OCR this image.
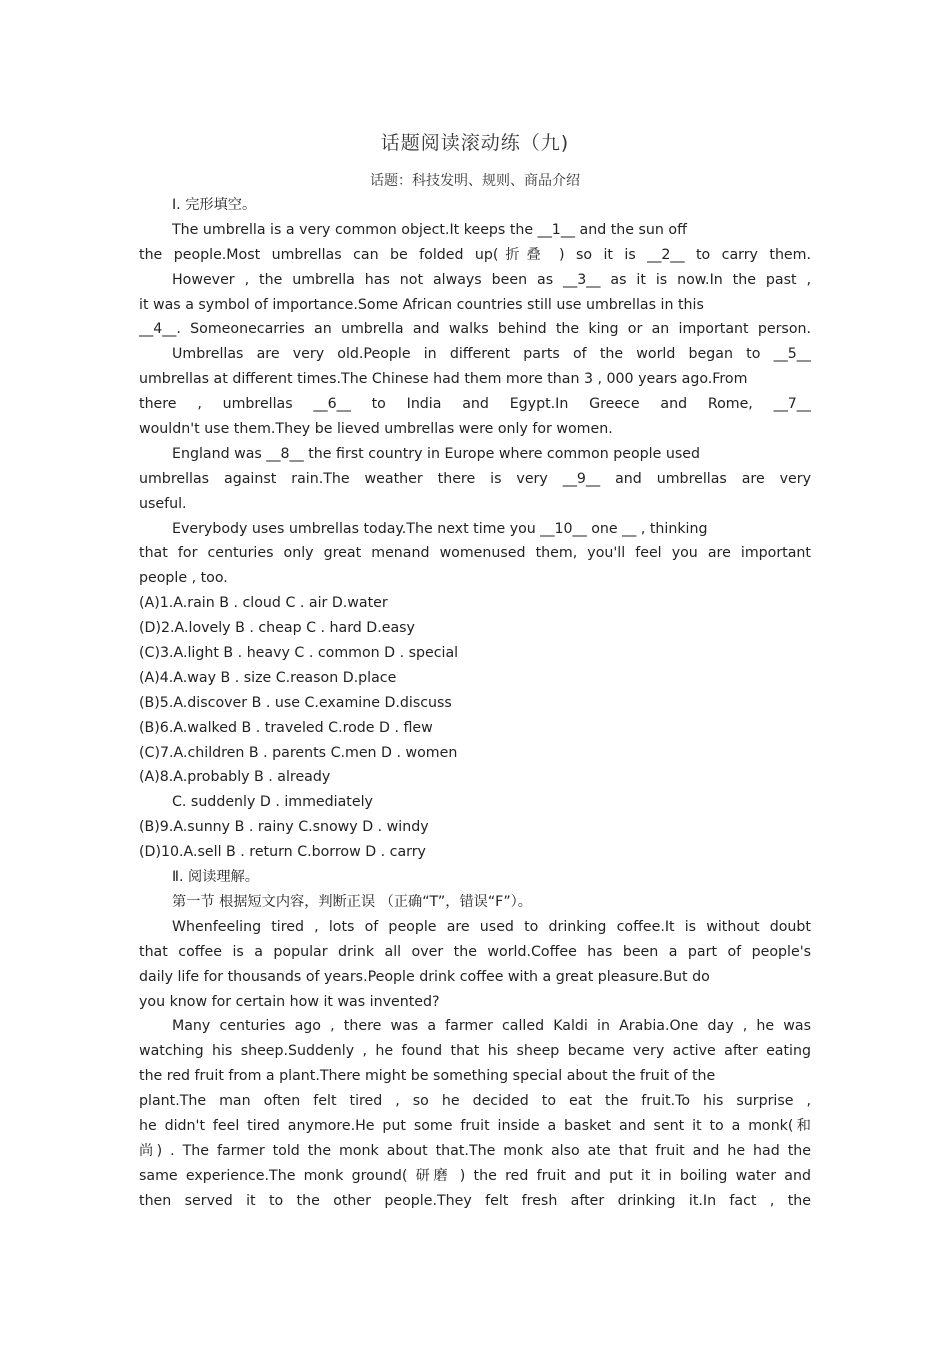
话题阅读滚动练（九)
话题：科技发明、规则、商品介绍
Ⅰ. 完形填空。
The umbrella is a very common object.It keeps the __1__ and the sun off
the people.Most umbrellas can be folded up(折叠 ) so it is __2__ to carry them.
However , the umbrella has not always been as __3__ as it is now.In the past ,
it was a symbol of importance.Some African countries still use umbrellas in this
__4__. Someonecarries an umbrella and walks behind the king or an important person.
Umbrellas are very old.People in different parts of the world began to __5__
umbrellas at different times.The Chinese had them more than 3 , 000 years ago.From
there , umbrellas __6__ to India and Egypt.In Greece and Rome, __7__
wouldn't use them.They be lieved umbrellas were only for women.
England was __8__ the first country in Europe where common people used
umbrellas against rain.The weather there is very __9__ and umbrellas are very
useful.
Everybody uses umbrellas today.The next time you __10__ one __ , thinking
that for centuries only great menand womenused them, you'll feel you are important
people , too.
(A)1.A.rain B . cloud C . air D.water
(D)2.A.lovely B . cheap C . hard D.easy
(C)3.A.light B . heavy C . common D . special
(A)4.A.way B . size C.reason D.place
(B)5.A.discover B . use C.examine D.discuss
(B)6.A.walked B . traveled C.rode D . flew
(C)7.A.children B . parents C.men D . women
(A)8.A.probably B . already
C. suddenly D . immediately
(B)9.A.sunny B . rainy C.snowy D . windy
(D)10.A.sell B . return C.borrow D . carry
Ⅱ. 阅读理解。
第一节 根据短文内容，判断正误 （正确“T”，错误“F”）。
Whenfeeling tired , lots of people are used to drinking coffee.It is without doubt
that coffee is a popular drink all over the world.Coffee has been a part of people's
daily life for thousands of years.People drink coffee with a great pleasure.But do
you know for certain how it was invented?
Many centuries ago , there was a farmer called Kaldi in Arabia.One day , he was
watching his sheep.Suddenly , he found that his sheep became very active after eating
the red fruit from a plant.There might be something special about the fruit of the
plant.The man often felt tired , so he decided to eat the fruit.To his surprise ,
he didn't feel tired anymore.He put some fruit inside a basket and sent it to a monk(和
尚) . The farmer told the monk about that.The monk also ate that fruit and he had the
same experience.The monk ground( 研磨 ) the red fruit and put it in boiling water and
then served it to the other people.They felt fresh after drinking it.In fact , the
